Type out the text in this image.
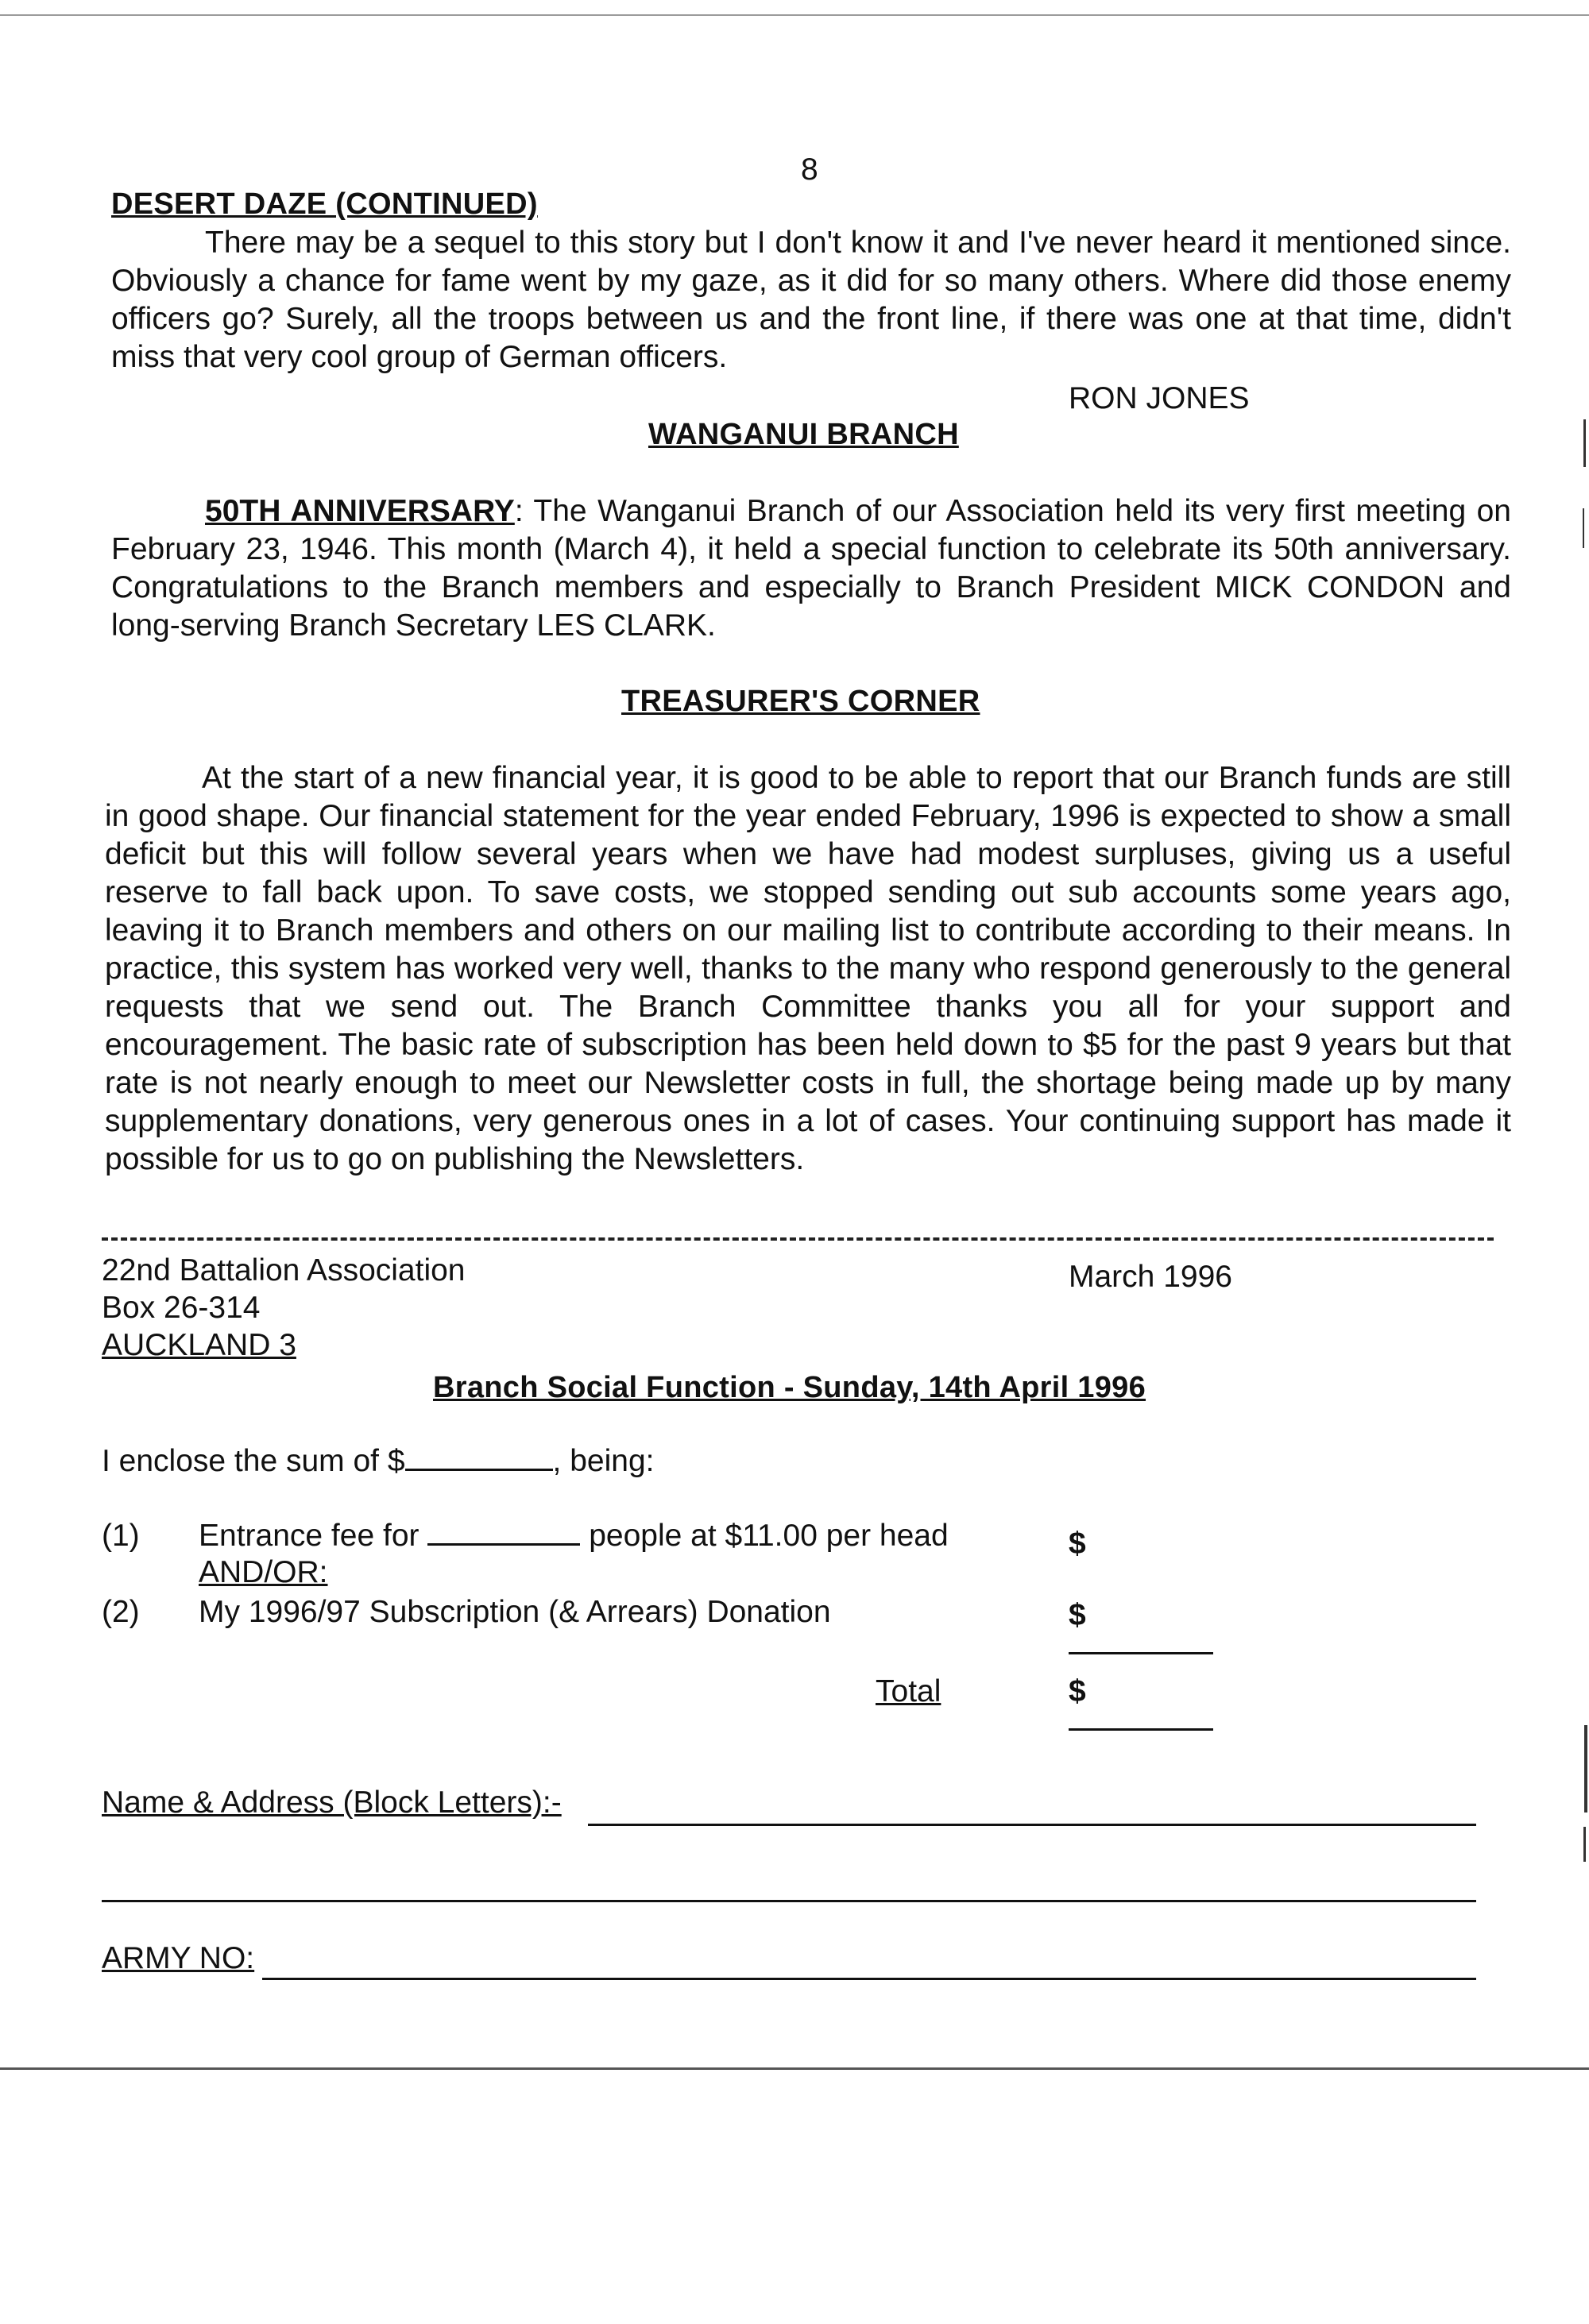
8
DESERT DAZE (CONTINUED)

There may be a sequel to this story but I don't know it and I've never heard it mentioned since. Obviously a chance for fame went by my gaze, as it did for so many others. Where did those enemy officers go? Surely, all the troops between us and the front line, if there was one at that time, didn't miss that very cool group of German officers.

RON JONES
WANGANUI BRANCH

50TH ANNIVERSARY: The Wanganui Branch of our Association held its very first meeting on February 23, 1946. This month (March 4), it held a special function to celebrate its 50th anniversary. Congratulations to the Branch members and especially to Branch President MICK CONDON and long-serving Branch Secretary LES CLARK.

TREASURER'S CORNER

At the start of a new financial year, it is good to be able to report that our Branch funds are still in good shape. Our financial statement for the year ended February, 1996 is expected to show a small deficit but this will follow several years when we have had modest surpluses, giving us a useful reserve to fall back upon. To save costs, we stopped sending out sub accounts some years ago, leaving it to Branch members and others on our mailing list to contribute according to their means. In practice, this system has worked very well, thanks to the many who respond generously to the general requests that we send out. The Branch Committee thanks you all for your support and encouragement. The basic rate of subscription has been held down to $5 for the past 9 years but that rate is not nearly enough to meet our Newsletter costs in full, the shortage being made up by many supplementary donations, very generous ones in a lot of cases. Your continuing support has made it possible for us to go on publishing the Newsletters.

22nd Battalion Association	March 1996
Box 26-314
AUCKLAND 3
Branch Social Function - Sunday, 14th April 1996
I enclose the sum of $	, being:
(1) Entrance fee for	people at $11.00 per head	$
AND/OR:
(2) My 1996/97 Subscription (& Arrears) Donation	$
Total	$
Name & Address (Block Letters):-
ARMY NO:
